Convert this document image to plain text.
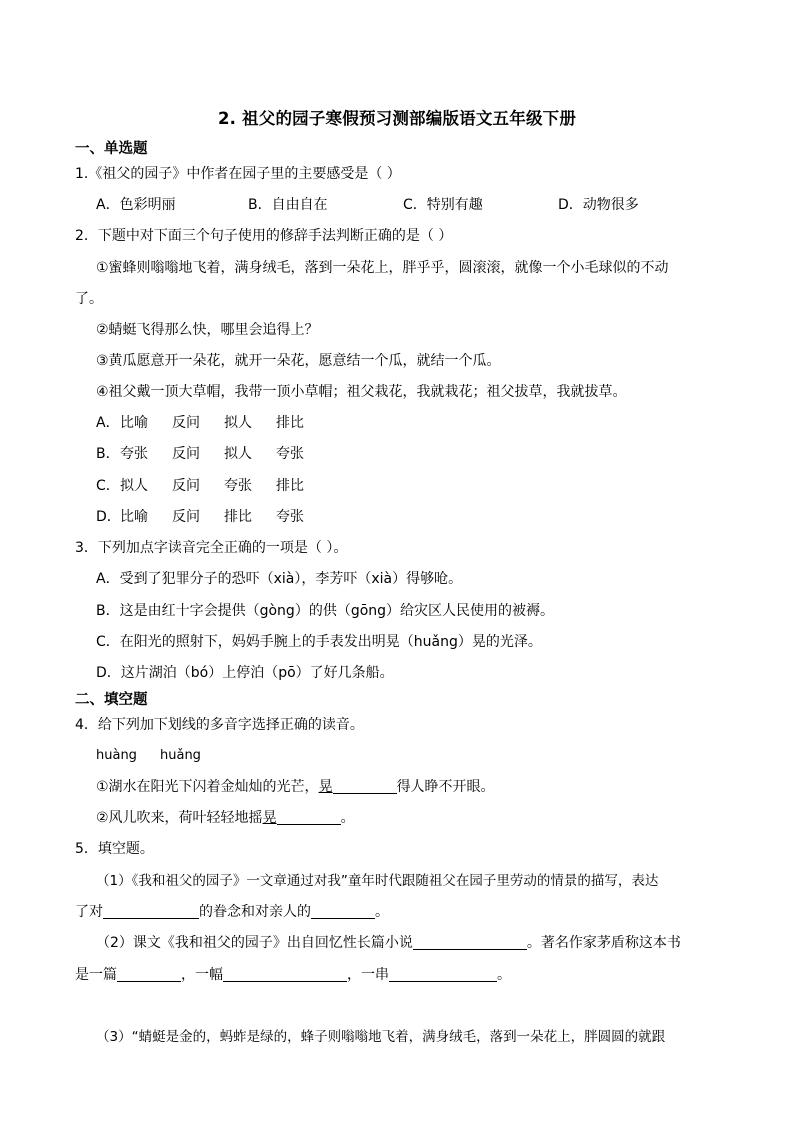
2. 祖父的园子寒假预习测部编版语文五年级下册
一、单选题
1.《祖父的园子》中作者在园子里的主要感受是（ ）
A．色彩明丽	B．自由自在	C．特别有趣	D．动物很多
2．下题中对下面三个句子使用的修辞手法判断正确的是（ ）
①蜜蜂则嗡嗡地飞着，满身绒毛，落到一朵花上，胖乎乎，圆滚滚，就像一个小毛球似的不动
了。
②蜻蜓飞得那么快，哪里会追得上？
③黄瓜愿意开一朵花，就开一朵花，愿意结一个瓜，就结一个瓜。
④祖父戴一顶大草帽，我带一顶小草帽；祖父栽花，我就栽花；祖父拔草，我就拔草。
A．比喻 反问 拟人 排比
B．夸张 反问 拟人 夸张
C．拟人 反问 夸张 排比
D．比喻 反问 排比 夸张
3．下列加点字读音完全正确的一项是（ ）。
A．受到了犯罪分子的恐吓（xià），李芳吓（xià）得够呛。
B．这是由红十字会提供（gòng）的供（gōng）给灾区人民使用的被褥。
C．在阳光的照射下，妈妈手腕上的手表发出明晃（huǎng）晃的光泽。
D．这片湖泊（bó）上停泊（pō）了好几条船。
二、填空题
4．给下列加下划线的多音字选择正确的读音。
huàng huǎng
①湖水在阳光下闪着金灿灿的光芒，晃	得人睁不开眼。
②风儿吹来，荷叶轻轻地摇晃	。
5．填空题。
（1）《我和祖父的园子》一文章通过对我”童年时代跟随祖父在园子里劳动的情景的描写，表达
了对	的眷念和对亲人的	。
（2）课文《我和祖父的园子》出自回忆性长篇小说	。著名作家茅盾称这本书
是一篇	，一幅	，一串	。
（3）“蜻蜓是金的，蚂蚱是绿的，蜂子则嗡嗡地飞着，满身绒毛，落到一朵花上，胖圆圆的就跟
